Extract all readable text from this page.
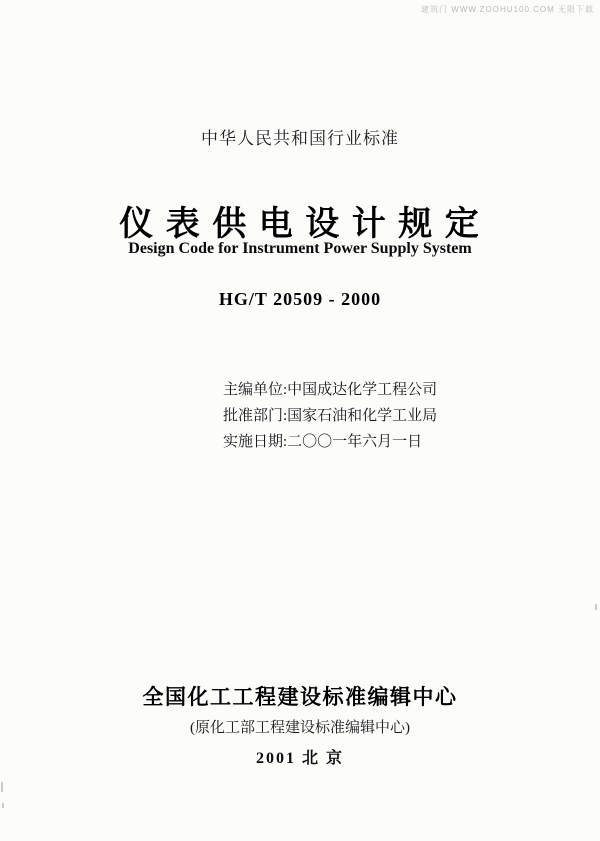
建筑门 WWW.ZOOHU100.COM 无限下载
中华人民共和国行业标准
仪 表 供 电 设 计 规 定
Design Code for Instrument Power Supply System
HG/T 20509 - 2000
主编单位:中国成达化学工程公司
批准部门:国家石油和化学工业局
实施日期:二〇〇一年六月一日
全国化工工程建设标准编辑中心
(原化工部工程建设标准编辑中心)
2001 北 京
